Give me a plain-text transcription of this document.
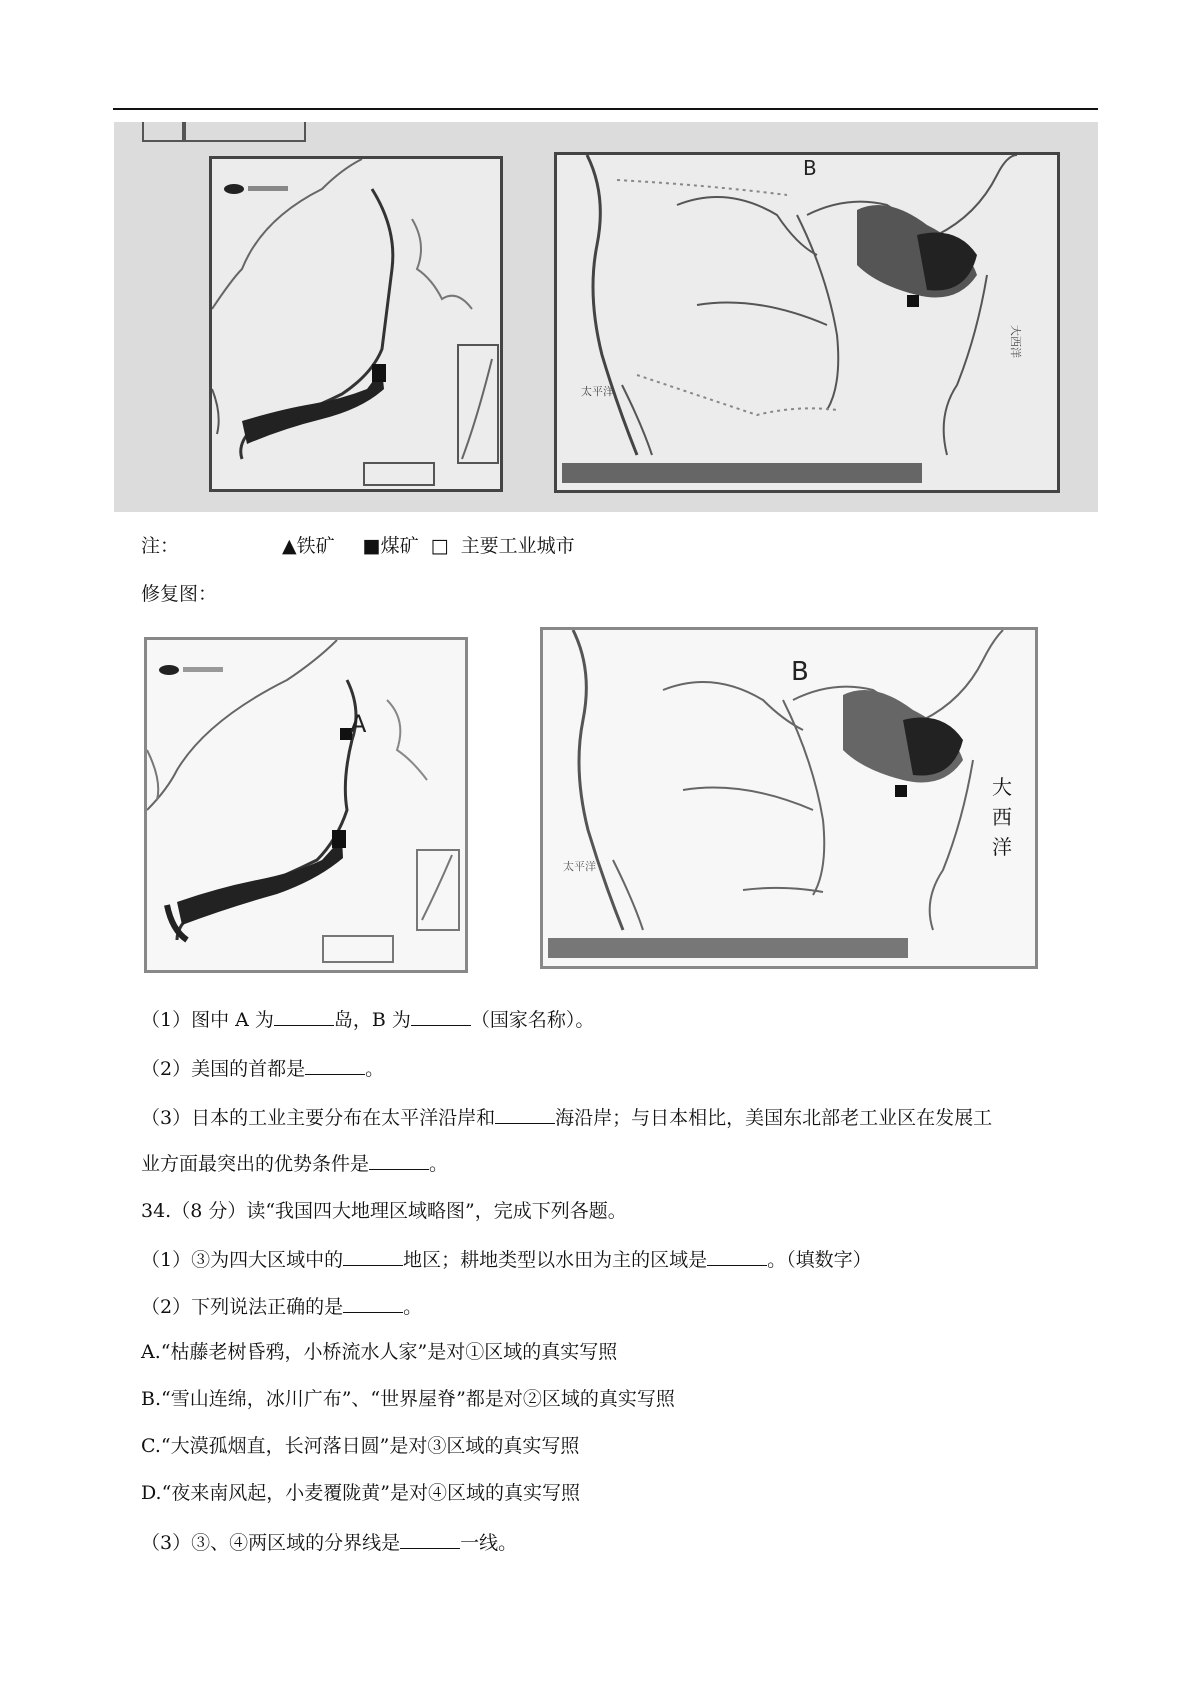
大西洋
太平洋
B
注：	▲铁矿 ■煤矿 □ 主要工业城市
修复图：
A
太平洋
B
大西洋
（1）图中 A 为	岛，B 为	（国家名称）。
（2）美国的首都是	。
（3）日本的工业主要分布在太平洋沿岸和	海沿岸；与日本相比，美国东北部老工业区在发展工
业方面最突出的优势条件是	。
34.（8 分）读“我国四大地理区域略图”，完成下列各题。
（1）③为四大区域中的	地区；耕地类型以水田为主的区域是	。（填数字）
（2）下列说法正确的是	。
A.“枯藤老树昏鸦，小桥流水人家”是对①区域的真实写照
B.“雪山连绵，冰川广布”、“世界屋脊”都是对②区域的真实写照
C.“大漠孤烟直，长河落日圆”是对③区域的真实写照
D.“夜来南风起，小麦覆陇黄”是对④区域的真实写照
（3）③、④两区域的分界线是	一线。
